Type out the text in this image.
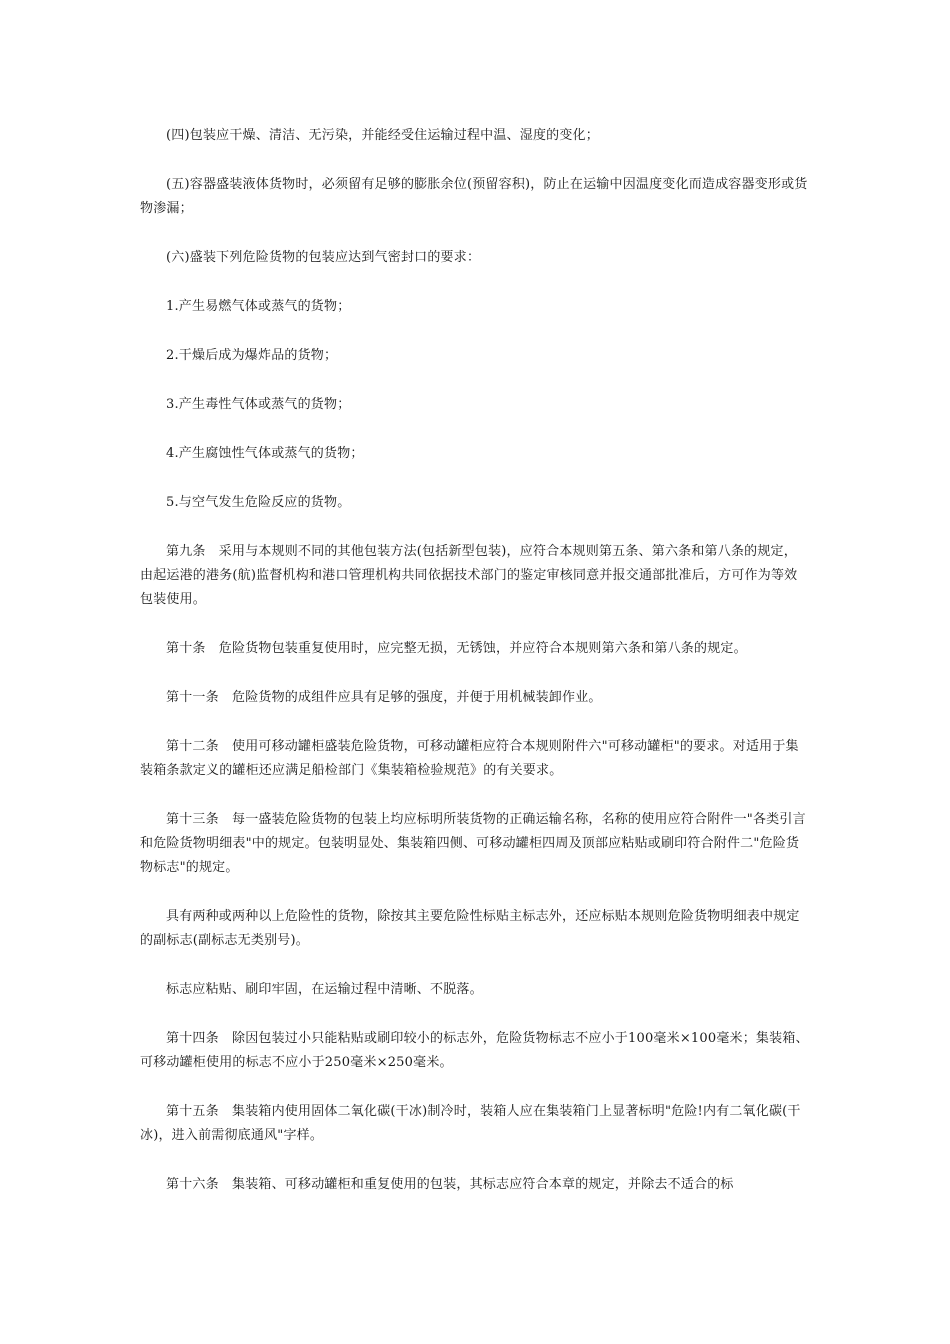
(四)包装应干燥、清洁、无污染，并能经受住运输过程中温、湿度的变化；

(五)容器盛装液体货物时，必须留有足够的膨胀余位(预留容积)，防止在运输中因温度变化而造成容器变形或货物渗漏；

(六)盛装下列危险货物的包装应达到气密封口的要求：

1.产生易燃气体或蒸气的货物；

2.干燥后成为爆炸品的货物；

3.产生毒性气体或蒸气的货物；

4.产生腐蚀性气体或蒸气的货物；

5.与空气发生危险反应的货物。

第九条　采用与本规则不同的其他包装方法(包括新型包装)，应符合本规则第五条、第六条和第八条的规定，由起运港的港务(航)监督机构和港口管理机构共同依据技术部门的鉴定审核同意并报交通部批准后，方可作为等效包装使用。

第十条　危险货物包装重复使用时，应完整无损，无锈蚀，并应符合本规则第六条和第八条的规定。

第十一条　危险货物的成组件应具有足够的强度，并便于用机械装卸作业。

第十二条　使用可移动罐柜盛装危险货物，可移动罐柜应符合本规则附件六"可移动罐柜"的要求。对适用于集装箱条款定义的罐柜还应满足船检部门《集装箱检验规范》的有关要求。

第十三条　每一盛装危险货物的包装上均应标明所装货物的正确运输名称，名称的使用应符合附件一"各类引言和危险货物明细表"中的规定。包装明显处、集装箱四侧、可移动罐柜四周及顶部应粘贴或刷印符合附件二"危险货物标志"的规定。

具有两种或两种以上危险性的货物，除按其主要危险性标贴主标志外，还应标贴本规则危险货物明细表中规定的副标志(副标志无类别号)。

标志应粘贴、刷印牢固，在运输过程中清晰、不脱落。

第十四条　除因包装过小只能粘贴或刷印较小的标志外，危险货物标志不应小于100毫米×100毫米；集装箱、可移动罐柜使用的标志不应小于250毫米×250毫米。

第十五条　集装箱内使用固体二氧化碳(干冰)制冷时，装箱人应在集装箱门上显著标明"危险!内有二氧化碳(干冰)，进入前需彻底通风"字样。

第十六条　集装箱、可移动罐柜和重复使用的包装，其标志应符合本章的规定，并除去不适合的标
